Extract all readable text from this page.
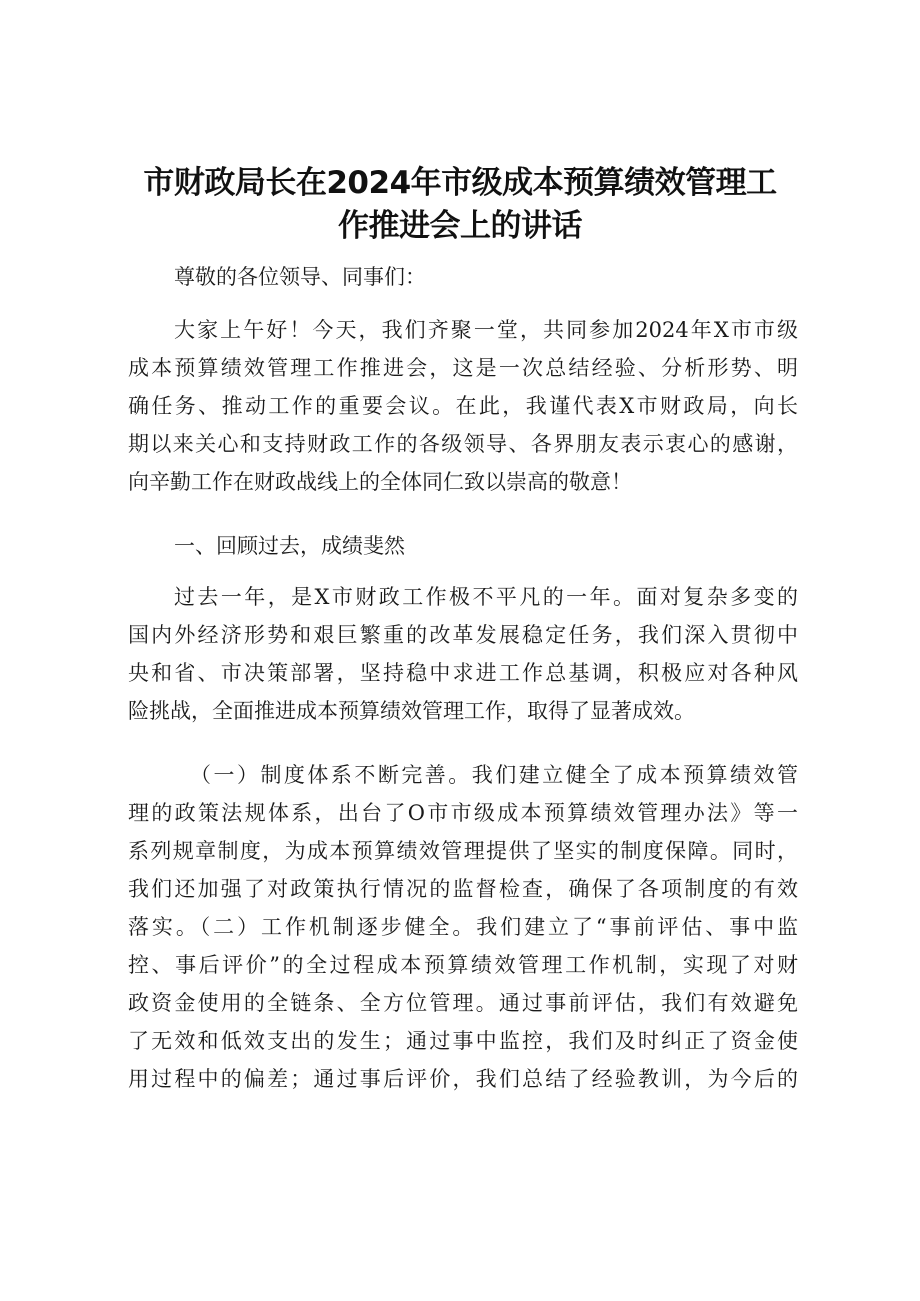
市财政局长在2024年市级成本预算绩效管理工
作推进会上的讲话
尊敬的各位领导、同事们：
大家上午好！今天，我们齐聚一堂，共同参加2024年X市市级
成本预算绩效管理工作推进会，这是一次总结经验、分析形势、明
确任务、推动工作的重要会议。在此，我谨代表X市财政局，向长
期以来关心和支持财政工作的各级领导、各界朋友表示衷心的感谢，
向辛勤工作在财政战线上的全体同仁致以崇高的敬意！
一、回顾过去，成绩斐然
过去一年，是X市财政工作极不平凡的一年。面对复杂多变的
国内外经济形势和艰巨繁重的改革发展稳定任务，我们深入贯彻中
央和省、市决策部署，坚持稳中求进工作总基调，积极应对各种风
险挑战，全面推进成本预算绩效管理工作，取得了显著成效。
（一）制度体系不断完善。我们建立健全了成本预算绩效管
理的政策法规体系，出台了O市市级成本预算绩效管理办法》等一
系列规章制度，为成本预算绩效管理提供了坚实的制度保障。同时，
我们还加强了对政策执行情况的监督检查，确保了各项制度的有效
落实。（二）工作机制逐步健全。我们建立了“事前评估、事中监
控、事后评价”的全过程成本预算绩效管理工作机制，实现了对财
政资金使用的全链条、全方位管理。通过事前评估，我们有效避免
了无效和低效支出的发生；通过事中监控，我们及时纠正了资金使
用过程中的偏差；通过事后评价，我们总结了经验教训，为今后的
